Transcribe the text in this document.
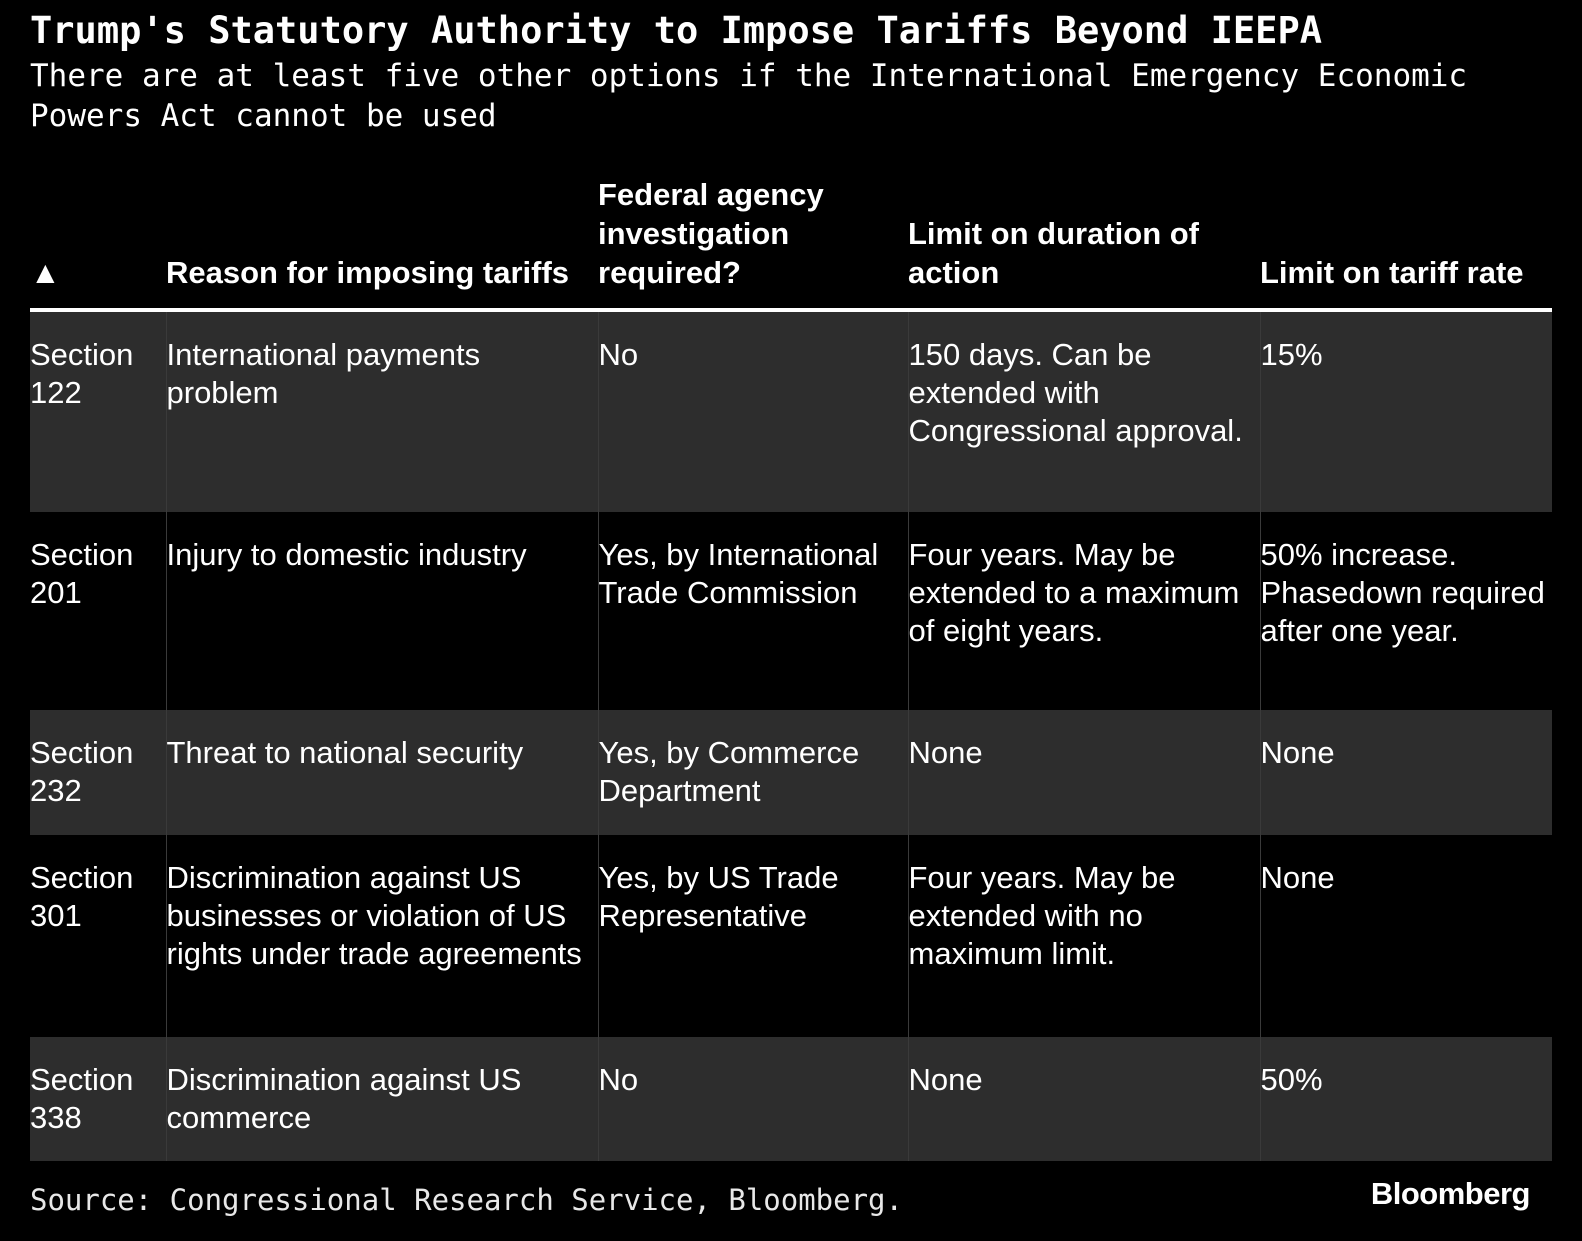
Trump's Statutory Authority to Impose Tariffs Beyond IEEPA

There are at least five other options if the International Emergency Economic Powers Act cannot be used

▲	Reason for imposing tariffs	Federal agency investigation required?	Limit on duration of action	Limit on tariff rate
Section 122	International payments problem	No	150 days. Can be extended with Congressional approval.	15%
Section 201	Injury to domestic industry	Yes, by International Trade Commission	Four years. May be extended to a maximum of eight years.	50% increase. Phasedown required after one year.
Section 232	Threat to national security	Yes, by Commerce Department	None	None
Section 301	Discrimination against US businesses or violation of US rights under trade agreements	Yes, by US Trade Representative	Four years. May be extended with no maximum limit.	None
Section 338	Discrimination against US commerce	No	None	50%
Source: Congressional Research Service, Bloomberg.	Bloomberg
